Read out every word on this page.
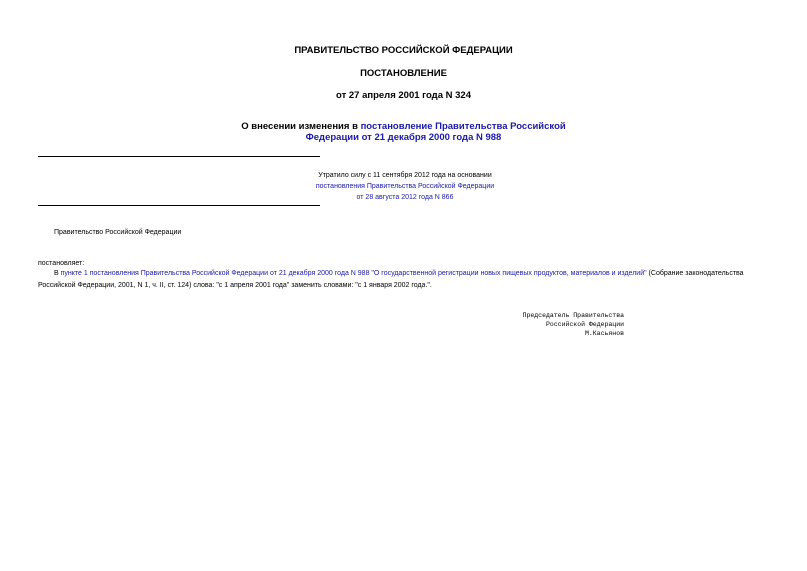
ПРАВИТЕЛЬСТВО РОССИЙСКОЙ ФЕДЕРАЦИИ
ПОСТАНОВЛЕНИЕ
от 27 апреля 2001 года N 324
О внесении изменения в постановление Правительства Российской
Федерации от 21 декабря 2000 года N 988
Утратило силу с 11 сентября 2012 года на основании
постановления Правительства Российской Федерации
от 28 августа 2012 года N 866
Правительство Российской Федерации
постановляет:
В пункте 1 постановления Правительства Российской Федерации от 21 декабря 2000 года N 988 "О государственной регистрации новых пищевых продуктов, материалов и изделий" (Собрание законодательства Российской Федерации, 2001, N 1, ч. II, ст. 124) слова: "с 1 апреля 2001 года" заменить словами: "с 1 января 2002 года.".
Председатель Правительства
Российской Федерации
М.Касьянов
